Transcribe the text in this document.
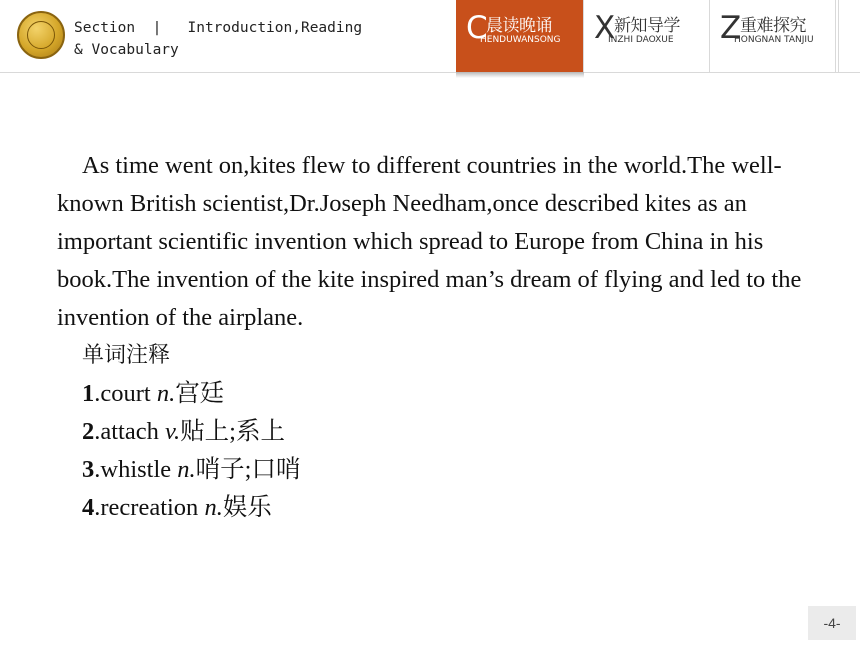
Section  |   Introduction,Reading
& Vocabulary
C
晨读晚诵
HENDUWANSONG X
新知导学
INZHI DAOXUE Z
重难探究
HONGNAN TANJIU

As time went on,kites flew to different countries in the world.The well-known British scientist,Dr.Joseph Needham,once described kites as an important scientific invention which spread to Europe from China in his book.The invention of the kite inspired man’s dream of flying and led to the invention of the airplane.

单词注释
1.court n.宫廷
2.attach v.贴上;系上
3.whistle n.哨子;口哨
4.recreation n.娱乐
-4-
